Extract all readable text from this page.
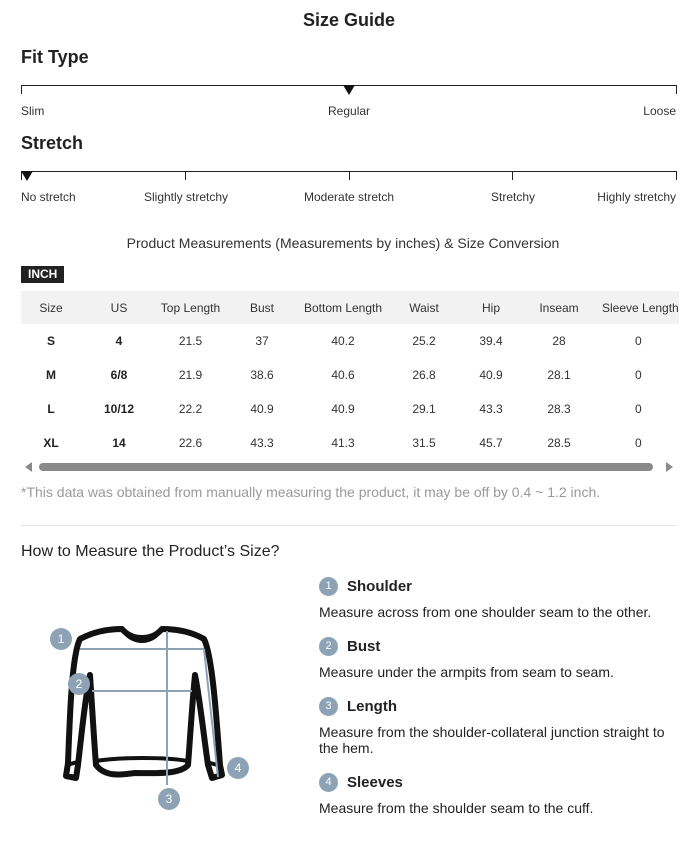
Size Guide
Fit Type
Slim	Regular	Loose
Stretch
No stretch	Slightly stretchy	Moderate stretch	Stretchy	Highly stretchy
Product Measurements (Measurements by inches) & Size Conversion
INCH
Size	US	Top Length	Bust	Bottom Length	Waist	Hip	Inseam	Sleeve Length
S	4	21.5	37	40.2	25.2	39.4	28	0
M	6/8	21.9	38.6	40.6	26.8	40.9	28.1	0
L	10/12	22.2	40.9	40.9	29.1	43.3	28.3	0
XL	14	22.6	43.3	41.3	31.5	45.7	28.5	0
*This data was obtained from manually measuring the product, it may be off by 0.4 ~ 1.2 inch.
How to Measure the Product’s Size?
1
2
3
4
1	Shoulder
Measure across from one shoulder seam to the other.
2	Bust
Measure under the armpits from seam to seam.
3	Length
Measure from the shoulder-collateral junction straight to the hem.
4	Sleeves
Measure from the shoulder seam to the cuff.
